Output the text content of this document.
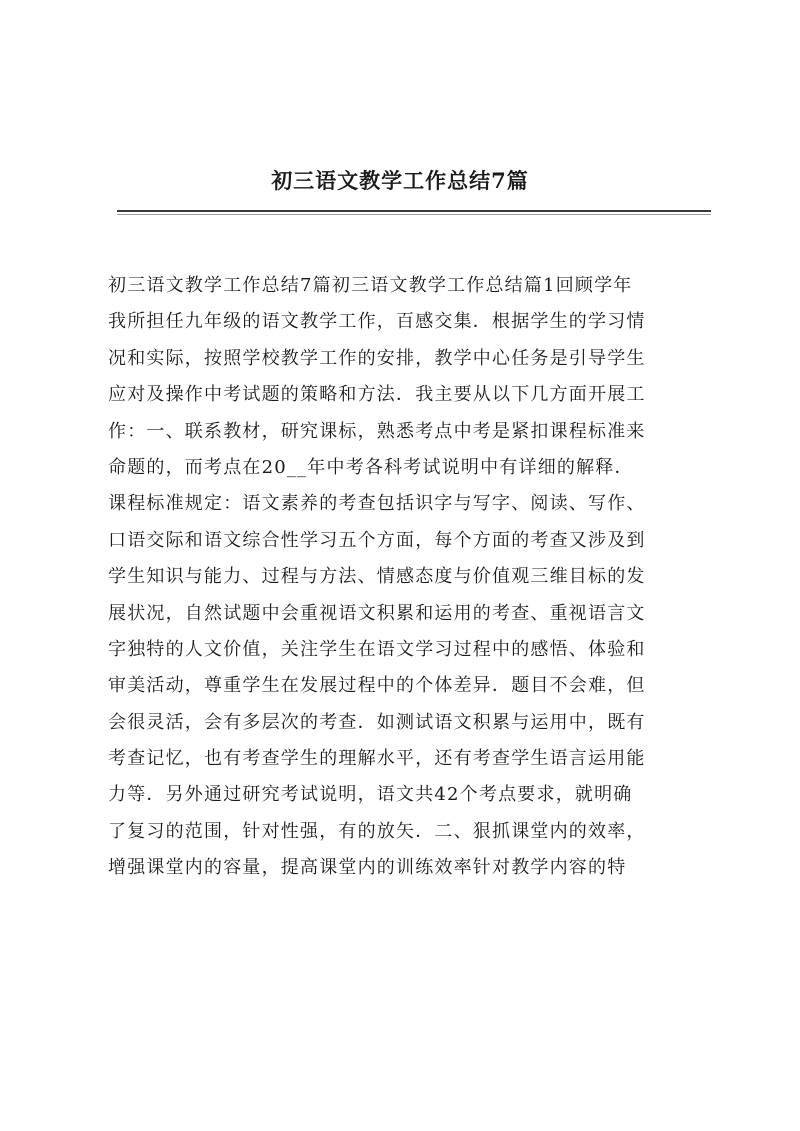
初三语文教学工作总结7篇
初三语文教学工作总结7篇初三语文教学工作总结篇1回顾学年
我所担任九年级的语文教学工作，百感交集．根据学生的学习情
况和实际，按照学校教学工作的安排，教学中心任务是引导学生
应对及操作中考试题的策略和方法．我主要从以下几方面开展工
作：一、联系教材，研究课标，熟悉考点中考是紧扣课程标准来
命题的，而考点在20__年中考各科考试说明中有详细的解释．
课程标准规定：语文素养的考查包括识字与写字、阅读、写作、
口语交际和语文综合性学习五个方面，每个方面的考查又涉及到
学生知识与能力、过程与方法、情感态度与价值观三维目标的发
展状况，自然试题中会重视语文积累和运用的考查、重视语言文
字独特的人文价值，关注学生在语文学习过程中的感悟、体验和
审美活动，尊重学生在发展过程中的个体差异．题目不会难，但
会很灵活，会有多层次的考查．如测试语文积累与运用中，既有
考查记忆，也有考查学生的理解水平，还有考查学生语言运用能
力等．另外通过研究考试说明，语文共42个考点要求，就明确
了复习的范围，针对性强，有的放矢．二、狠抓课堂内的效率，
增强课堂内的容量，提高课堂内的训练效率针对教学内容的特
